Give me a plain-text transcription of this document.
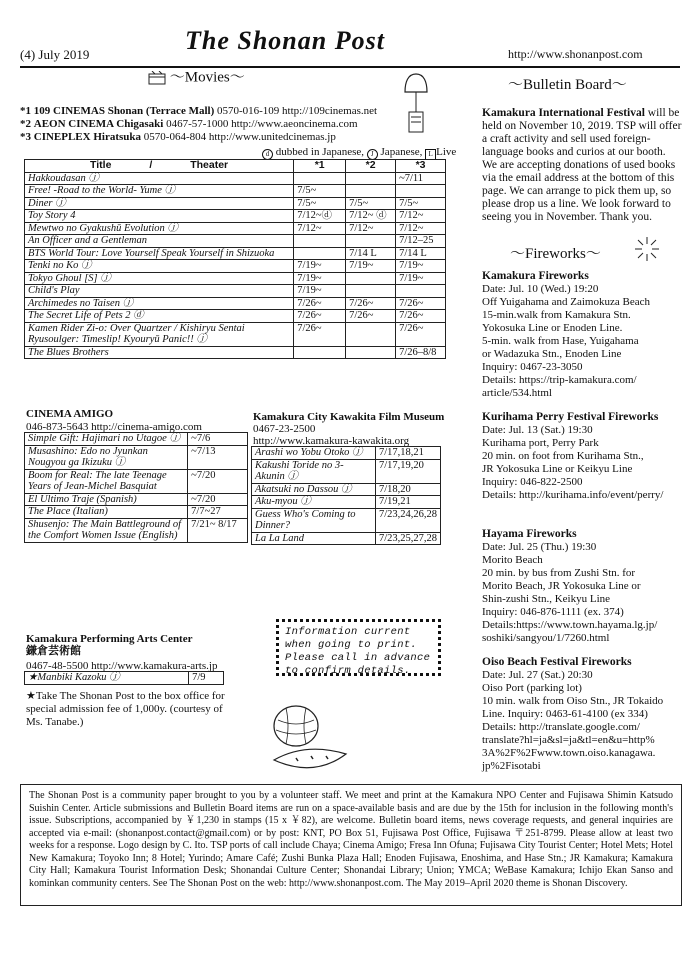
(4) July 2019	The Shonan Post	http://www.shonanpost.com
～Movies～
*1 109 CINEMAS Shonan (Terrace Mall) 0570-016-109 http://109cinemas.net
*2 AEON CINEMA Chigasaki 0467-57-1000 http://www.aeoncinema.com
*3 CINEPLEX Hiratsuka 0570-064-804 http://www.unitedcinemas.jp
d dubbed in Japanese, J Japanese, L Live
Title / Theater	*1	*2	*3
Hakkoudasan ⓙ			~7/11
Free! -Road to the World- Yume ⓙ	7/5~		
Diner ⓙ	7/5~	7/5~	7/5~
Toy Story 4	7/12~ⓓ	7/12~ ⓓ	7/12~
Mewtwo no Gyakushū Evolution ⓙ	7/12~	7/12~	7/12~
An Officer and a Gentleman			7/12–25
BTS World Tour: Love Yourself Speak Yourself in Shizuoka		7/14 L	7/14 L
Tenki no Ko ⓙ	7/19~	7/19~	7/19~
Tokyo Ghoul [S] ⓙ	7/19~		7/19~
Child's Play	7/19~		
Archimedes no Taisen ⓙ	7/26~	7/26~	7/26~
The Secret Life of Pets 2 ⓓ	7/26~	7/26~	7/26~
Kamen Rider Zi-o: Over Quartzer / Kishiryu Sentai Ryusoulger: Timeslip! Kyouryū Panic!! ⓙ	7/26~		7/26~
The Blues Brothers			7/26–8/8
CINEMA AMIGO
046-873-5643 http://cinema-amigo.com
Simple Gift: Hajimari no Utagoe ⓙ	~7/6
Musashino: Edo no Jyunkan Nougyou ga Ikizuku ⓙ	~7/13
Boom for Real: The late Teenage Years of Jean-Michel Basquiat	~7/20
El Ultimo Traje (Spanish)	~7/20
The Place (Italian)	7/7~27
Shusenjo: The Main Battleground of the Comfort Women Issue (English)	7/21~ 8/17
Kamakura City Kawakita Film Museum
0467-23-2500
http://www.kamakura-kawakita.org
Arashi wo Yobu Otoko ⓙ	7/17,18,21
Kakushi Toride no 3-Akunin ⓙ	7/17,19,20
Akatsuki no Dassou ⓙ	7/18,20
Aku-myou ⓙ	7/19,21
Guess Who's Coming to Dinner?	7/23,24,26,28
La La Land	7/23,25,27,28
Kamakura Performing Arts Center
鎌倉芸術館
0467-48-5500 http://www.kamakura-arts.jp
★Manbiki Kazoku ⓙ	7/9
★Take The Shonan Post to the box office for special admission fee of 1,000y. (courtesy of Ms. Tanabe.)
Information current when going to print. Please call in advance to confirm details.
～Bulletin Board～
Kamakura International Festival will be held on November 10, 2019. TSP will offer a craft activity and sell used foreign-language books and curios at our booth. We are accepting donations of used books via the email address at the bottom of this page. We can arrange to pick them up, so please drop us a line. We look forward to seeing you in November. Thank you.
～Fireworks～
Kamakura Fireworks
Date: Jul. 10 (Wed.) 19:20
Off Yuigahama and Zaimokuza Beach
15-min.walk from Kamakura Stn.
Yokosuka Line or Enoden Line.
5-min. walk from Hase, Yuigahama
or Wadazuka Stn., Enoden Line
Inquiry: 0467-23-3050
Details: https://trip-kamakura.com/
article/534.html
Kurihama Perry Festival Fireworks
Date: Jul. 13 (Sat.) 19:30
Kurihama port, Perry Park
20 min. on foot from Kurihama Stn.,
JR Yokosuka Line or Keikyu Line
Inquiry: 046-822-2500
Details: http://kurihama.info/event/perry/
Hayama Fireworks
Date: Jul. 25 (Thu.) 19:30
Morito Beach
20 min. by bus from Zushi Stn. for
Morito Beach, JR Yokosuka Line or
Shin-zushi Stn., Keikyu Line
Inquiry: 046-876-1111 (ex. 374)
Details:https://www.town.hayama.lg.jp/
soshiki/sangyou/1/7260.html
Oiso Beach Festival Fireworks
Date: Jul. 27 (Sat.) 20:30
Oiso Port (parking lot)
10 min. walk from Oiso Stn., JR Tokaido
Line. Inquiry: 0463-61-4100 (ex 334)
Details: http://translate.google.com/
translate?hl=ja&sl=ja&tl=en&u=http%
3A%2F%2Fwww.town.oiso.kanagawa.
jp%2Fisotabi
The Shonan Post is a community paper brought to you by a volunteer staff. We meet and print at the Kamakura NPO Center and Fujisawa Shimin Katsudo Suishin Center. Article submissions and Bulletin Board items are run on a space-available basis and are due by the 15th for inclusion in the following month's issue. Subscriptions, accompanied by ￥1,230 in stamps (15 x ￥82), are welcome. Bulletin board items, news coverage requests, and general inquiries are accepted via e-mail: (shonanpost.contact@gmail.com) or by post: KNT, PO Box 51, Fujisawa Post Office, Fujisawa 〒251-8799. Please allow at least two weeks for a response. Logo design by C. Ito. TSP ports of call include Chaya; Cinema Amigo; Fresa Inn Ofuna; Fujisawa City Tourist Center; Hotel Mets; Hotel New Kamakura; Toyoko Inn; 8 Hotel; Yurindo; Amare Café; Zushi Bunka Plaza Hall; Enoden Fujisawa, Enoshima, and Hase Stn.; JR Kamakura; Kamakura City Hall; Kamakura Tourist Information Desk; Shonandai Culture Center; Shonandai Library; Union; YMCA; WeBase Kamakura; Ichijo Ekan Sanso and kominkan community centers. See The Shonan Post on the web: http://www.shonanpost.com. The May 2019–April 2020 theme is Shonan Discovery.
